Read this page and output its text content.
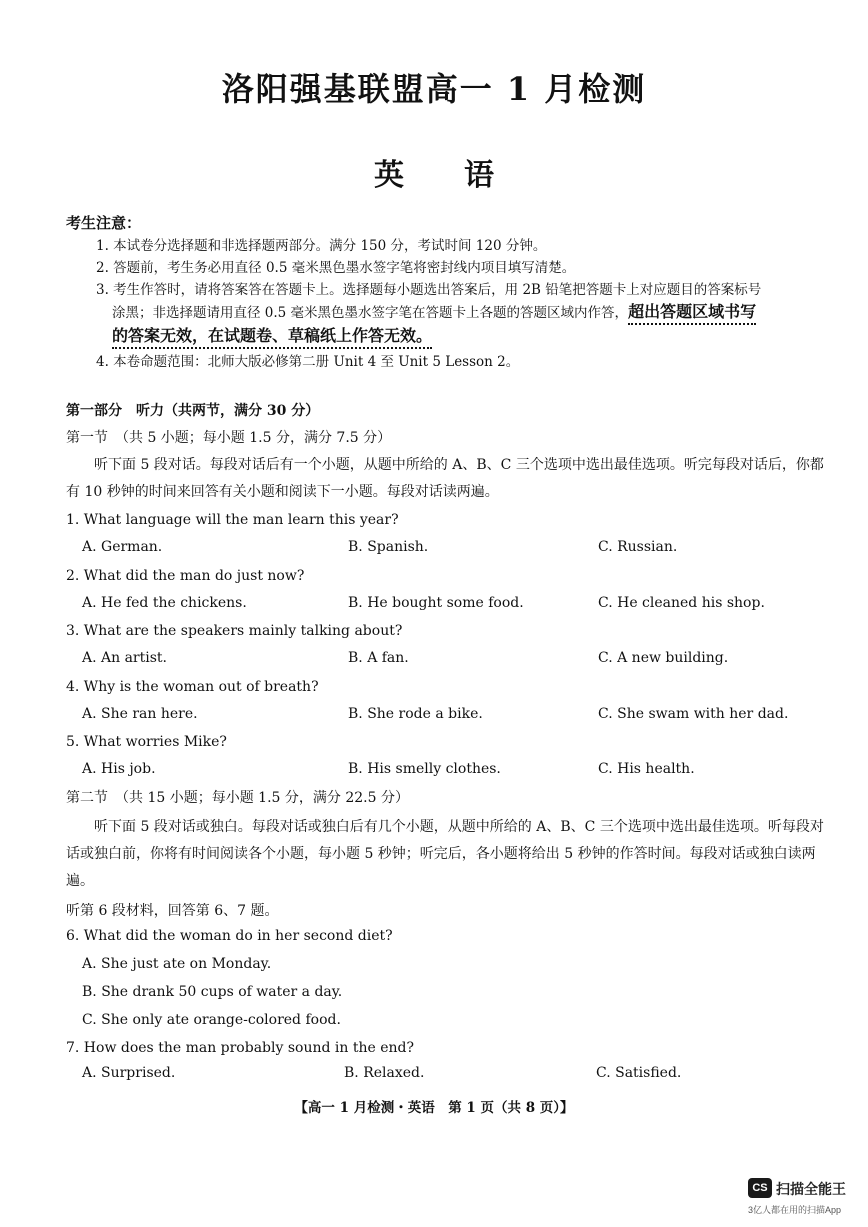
洛阳强基联盟高一 1 月检测
英语
考生注意：
1. 本试卷分选择题和非选择题两部分。满分 150 分，考试时间 120 分钟。
2. 答题前，考生务必用直径 0.5 毫米黑色墨水签字笔将密封线内项目填写清楚。
3. 考生作答时，请将答案答在答题卡上。选择题每小题选出答案后，用 2B 铅笔把答题卡上对应题目的答案标号
涂黑；非选择题请用直径 0.5 毫米黑色墨水签字笔在答题卡上各题的答题区域内作答，超出答题区域书写
的答案无效，在试题卷、草稿纸上作答无效。
4. 本卷命题范围：北师大版必修第二册 Unit 4 至 Unit 5 Lesson 2。
第一部分　听力（共两节，满分 30 分）
第一节　（共 5 小题；每小题 1.5 分，满分 7.5 分）
听下面 5 段对话。每段对话后有一个小题，从题中所给的 A、B、C 三个选项中选出最佳选项。听完每段对话后，你都有 10 秒钟的时间来回答有关小题和阅读下一小题。每段对话读两遍。
1. What language will the man learn this year?
A. German.	B. Spanish.	C. Russian.
2. What did the man do just now?
A. He fed the chickens.	B. He bought some food.	C. He cleaned his shop.
3. What are the speakers mainly talking about?
A. An artist.	B. A fan.	C. A new building.
4. Why is the woman out of breath?
A. She ran here.	B. She rode a bike.	C. She swam with her dad.
5. What worries Mike?
A. His job.	B. His smelly clothes.	C. His health.
第二节　（共 15 小题；每小题 1.5 分，满分 22.5 分）
听下面 5 段对话或独白。每段对话或独白后有几个小题，从题中所给的 A、B、C 三个选项中选出最佳选项。听每段对话或独白前，你将有时间阅读各个小题，每小题 5 秒钟；听完后，各小题将给出 5 秒钟的作答时间。每段对话或独白读两遍。
听第 6 段材料，回答第 6、7 题。
6. What did the woman do in her second diet?
A. She just ate on Monday.
B. She drank 50 cups of water a day.
C. She only ate orange-colored food.
7. How does the man probably sound in the end?
A. Surprised.	B. Relaxed.	C. Satisfied.
【高一 1 月检测・英语　第 1 页（共 8 页）】
CS 扫描全能王
3亿人都在用的扫描App
